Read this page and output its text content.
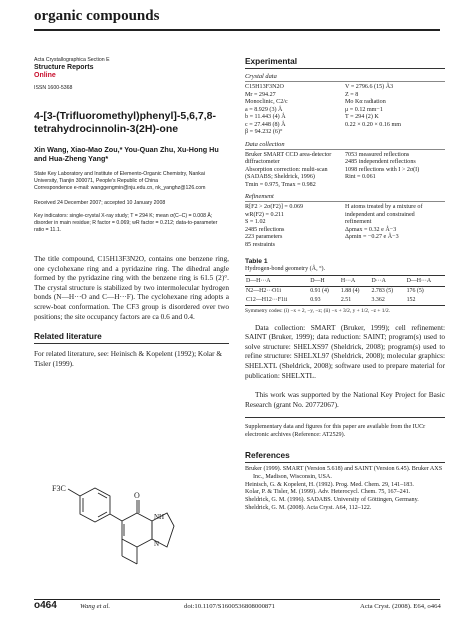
organic compounds
Acta Crystallographica Section E
Structure Reports
Online
ISSN 1600-5368
4-[3-(Trifluoromethyl)phenyl]-5,6,7,8-
tetrahydrocinnolin-3(2H)-one
Xin Wang, Xiao-Mao Zou,* You-Quan Zhu, Xu-Hong Hu
and Hua-Zheng Yang*
State Key Laboratory and Institute of Elemento-Organic Chemistry, Nankai
University, Tianjin 300071, People's Republic of China
Correspondence e-mail: wanggengmin@nju.edu.cn, nk_yanghz@126.com
Received 24 December 2007; accepted 10 January 2008
Key indicators: single-crystal X-ray study; T = 294 K; mean σ(C–C) = 0.008 Å;
disorder in main residue; R factor = 0.069; wR factor = 0.212; data-to-parameter
ratio = 11.1.
The title compound, C15H13F3N2O, contains one benzene ring, one cyclohexane ring and a pyridazine ring. The dihedral angle formed by the pyridazine ring with the benzene ring is 61.5 (2)°. The crystal structure is stabilized by two intermolecular hydrogen bonds (N—H···O and C—H···F). The cyclohexane ring adopts a screw-boat conformation. The CF3 group is disordered over two positions; the site occupancy factors are ca 0.6 and 0.4.
Related literature
For related literature, see: Heinisch & Kopelent (1992); Kolar & Tisler (1999).
F3C
O
NH
N
Experimental
Crystal data
C15H13F3N2O
Mr = 294.27
Monoclinic, C2/c
a = 8.929 (3) Å
b = 11.443 (4) Å
c = 27.448 (8) Å
β = 94.232 (6)°
V = 2796.6 (15) Å3
Z = 8
Mo Kα radiation
μ = 0.12 mm−1
T = 294 (2) K
0.22 × 0.20 × 0.16 mm
Data collection
Bruker SMART CCD area-detector
diffractometer
Absorption correction: multi-scan
(SADABS; Sheldrick, 1996)
Tmin = 0.975, Tmax = 0.982
7053 measured reflections
2485 independent reflections
1098 reflections with I > 2σ(I)
Rint = 0.061
Refinement
R[F2 > 2σ(F2)] = 0.069
wR(F2) = 0.211
S = 1.02
2485 reflections
223 parameters
85 restraints
H atoms treated by a mixture of
independent and constrained
refinement
Δρmax = 0.32 e Å−3
Δρmin = −0.27 e Å−3
Table 1
Hydrogen-bond geometry (Å, °).
D—H···A	D—H	H···A	D···A	D—H···A
N2—H2···O1i	0.91 (4)	1.88 (4)	2.783 (5)	176 (5)
C12—H12···F1ii	0.93	2.51	3.362	152
Symmetry codes: (i) −x + 2, −y, −z; (ii) −x + 3/2, y + 1/2, −z + 1/2.
Data collection: SMART (Bruker, 1999); cell refinement: SAINT (Bruker, 1999); data reduction: SAINT; program(s) used to solve structure: SHELXS97 (Sheldrick, 2008); program(s) used to refine structure: SHELXL97 (Sheldrick, 2008); molecular graphics: SHELXTL (Sheldrick, 2008); software used to prepare material for publication: SHELXTL.
This work was supported by the National Key Project for Basic Research (grant No. 20772067).
Supplementary data and figures for this paper are available from the IUCr electronic archives (Reference: AT2529).
References
Bruker (1999). SMART (Version 5.618) and SAINT (Version 6.45). Bruker AXS Inc., Madison, Wisconsin, USA.
Heinisch, G. & Kopelent, H. (1992). Prog. Med. Chem. 29, 141–183.
Kolar, P. & Tisler, M. (1999). Adv. Heterocycl. Chem. 75, 167–241.
Sheldrick, G. M. (1996). SADABS. University of Göttingen, Germany.
Sheldrick, G. M. (2008). Acta Cryst. A64, 112–122.
o464	Wang et al.	doi:10.1107/S1600536808000871	Acta Cryst. (2008). E64, o464
